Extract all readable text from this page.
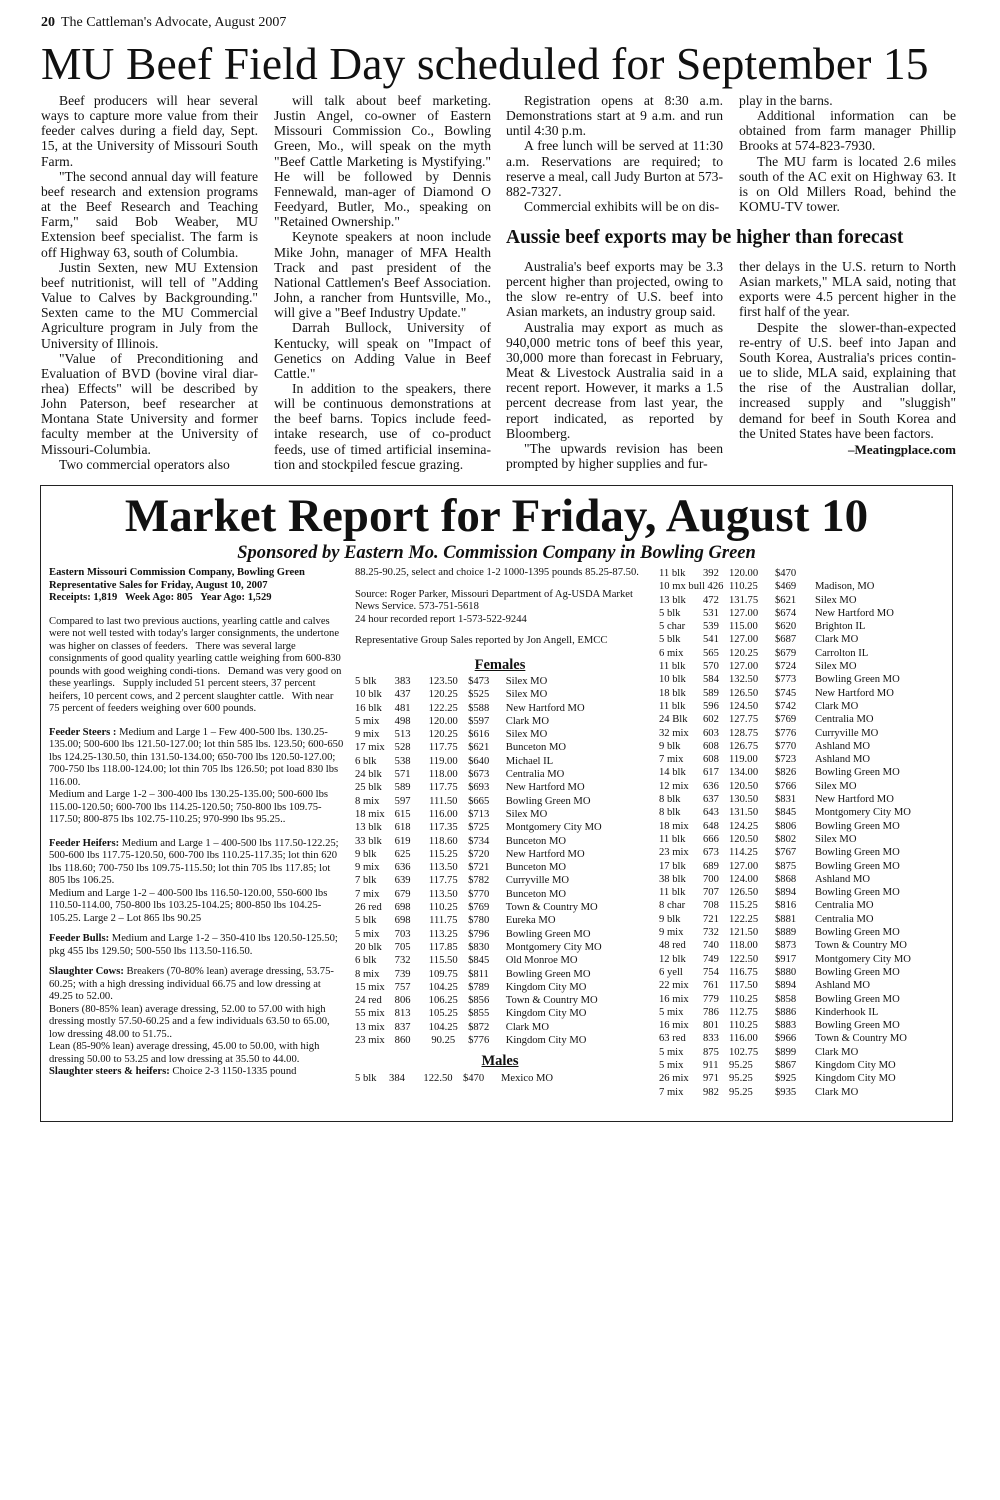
20 The Cattleman's Advocate, August 2007
MU Beef Field Day scheduled for September 15

Beef producers will hear several ways to capture more value from their feeder calves during a field day, Sept. 15, at the University of Missouri South Farm.

"The second annual day will feature beef research and extension programs at the Beef Research and Teaching Farm," said Bob Weaber, MU Extension beef specialist. The farm is off Highway 63, south of Columbia.

Justin Sexten, new MU Extension beef nutritionist, will tell of "Adding Value to Calves by Backgrounding." Sexten came to the MU Commercial Agriculture program in July from the University of Illinois.

"Value of Preconditioning and Evaluation of BVD (bovine viral diar-rhea) Effects" will be described by John Paterson, beef researcher at Montana State University and former faculty member at the University of Missouri-Columbia.

Two commercial operators also

will talk about beef marketing. Justin Angel, co-owner of Eastern Missouri Commission Co., Bowling Green, Mo., will speak on the myth "Beef Cattle Marketing is Mystifying." He will be followed by Dennis Fennewald, man-ager of Diamond O Feedyard, Butler, Mo., speaking on "Retained Ownership."

Keynote speakers at noon include Mike John, manager of MFA Health Track and past president of the National Cattlemen's Beef Association. John, a rancher from Huntsville, Mo., will give a "Beef Industry Update."

Darrah Bullock, University of Kentucky, will speak on "Impact of Genetics on Adding Value in Beef Cattle."

In addition to the speakers, there will be continuous demonstrations at the beef barns. Topics include feed-intake research, use of co-product feeds, use of timed artificial insemina-tion and stockpiled fescue grazing.

Registration opens at 8:30 a.m. Demonstrations start at 9 a.m. and run until 4:30 p.m.

A free lunch will be served at 11:30 a.m. Reservations are required; to reserve a meal, call Judy Burton at 573-882-7327.

Commercial exhibits will be on dis-

play in the barns.

Additional information can be obtained from farm manager Phillip Brooks at 574-823-7930.

The MU farm is located 2.6 miles south of the AC exit on Highway 63. It is on Old Millers Road, behind the KOMU-TV tower.

Aussie beef exports may be higher than forecast

Australia's beef exports may be 3.3 percent higher than projected, owing to the slow re-entry of U.S. beef into Asian markets, an industry group said.

Australia may export as much as 940,000 metric tons of beef this year, 30,000 more than forecast in February, Meat & Livestock Australia said in a recent report. However, it marks a 1.5 percent decrease from last year, the report indicated, as reported by Bloomberg.

"The upwards revision has been prompted by higher supplies and fur-

ther delays in the U.S. return to North Asian markets," MLA said, noting that exports were 4.5 percent higher in the first half of the year.

Despite the slower-than-expected re-entry of U.S. beef into Japan and South Korea, Australia's prices contin-ue to slide, MLA said, explaining that the rise of the Australian dollar, increased supply and "sluggish" demand for beef in South Korea and the United States have been factors.

–Meatingplace.com
Market Report for Friday, August 10
Sponsored by Eastern Mo. Commission Company in Bowling Green

Eastern Missouri Commission Company, Bowling Green

Representative Sales for Friday, August 10, 2007

Receipts: 1,819   Week Ago: 805   Year Ago: 1,529

Compared to last two previous auctions, yearling cattle and calves were not well tested with today's larger consignments, the undertone was higher on classes of feeders.   There was several large consignments of good quality yearling cattle weighing from 600-830 pounds with good weighing condi-tions.   Demand was very good on these yearlings.   Supply included 51 percent steers, 37 percent heifers, 10 percent cows, and 2 percent slaughter cattle.   With near 75 percent of feeders weighing over 600 pounds.

Feeder Steers : Medium and Large 1 – Few 400-500 lbs. 130.25-135.00; 500-600 lbs 121.50-127.00; lot thin 585 lbs. 123.50; 600-650 lbs 124.25-130.50, thin 131.50-134.00; 650-700 lbs 120.50-127.00; 700-750 lbs 118.00-124.00; lot thin 705 lbs 126.50; pot load 830 lbs 116.00.

Medium and Large 1-2 – 300-400 lbs 130.25-135.00; 500-600 lbs 115.00-120.50; 600-700 lbs 114.25-120.50; 750-800 lbs 109.75-117.50; 800-875 lbs 102.75-110.25; 970-990 lbs 95.25..

Feeder Heifers: Medium and Large 1 – 400-500 lbs 117.50-122.25; 500-600 lbs 117.75-120.50, 600-700 lbs 110.25-117.35; lot thin 620 lbs 118.60; 700-750 lbs 109.75-115.50; lot thin 705 lbs 117.85; lot 805 lbs 106.25.

Medium and Large 1-2 – 400-500 lbs 116.50-120.00, 550-600 lbs 110.50-114.00, 750-800 lbs 103.25-104.25; 800-850 lbs 104.25-105.25. Large 2 – Lot 865 lbs 90.25

Feeder Bulls: Medium and Large 1-2 – 350-410 lbs 120.50-125.50; pkg 455 lbs 129.50; 500-550 lbs 113.50-116.50.

Slaughter Cows: Breakers (70-80% lean) average dressing, 53.75-60.25; with a high dressing individual 66.75 and low dressing at 49.25 to 52.00.

Boners (80-85% lean) average dressing, 52.00 to 57.00 with high dressing mostly 57.50-60.25 and a few individuals 63.50 to 65.00, low dressing 48.00 to 51.75..

Lean (85-90% lean) average dressing, 45.00 to 50.00, with high dressing 50.00 to 53.25 and low dressing at 35.50 to 44.00.

Slaughter steers & heifers: Choice 2-3 1150-1335 pound

88.25-90.25, select and choice 1-2 1000-1395 pounds 85.25-87.50.

Source: Roger Parker, Missouri Department of Ag-USDA Market News Service. 573-751-5618

24 hour recorded report 1-573-522-9244

Representative Group Sales reported by Jon Angell, EMCC

Females
5 blk	383	123.50	$473	Silex MO
10 blk	437	120.25	$525	Silex MO
16 blk	481	122.25	$588	New Hartford MO
5 mix	498	120.00	$597	Clark MO
9 mix	513	120.25	$616	Silex MO
17 mix	528	117.75	$621	Bunceton MO
6 blk	538	119.00	$640	Michael IL
24 blk	571	118.00	$673	Centralia MO
25 blk	589	117.75	$693	New Hartford MO
8 mix	597	111.50	$665	Bowling Green MO
18 mix	615	116.00	$713	Silex MO
13 blk	618	117.35	$725	Montgomery City MO
33 blk	619	118.60	$734	Bunceton MO
9 blk	625	115.25	$720	New Hartford MO
9 mix	636	113.50	$721	Bunceton MO
7 blk	639	117.75	$782	Curryville MO
7 mix	679	113.50	$770	Bunceton MO
26 red	698	110.25	$769	Town & Country MO
5 blk	698	111.75	$780	Eureka MO
5 mix	703	113.25	$796	Bowling Green MO
20 blk	705	117.85	$830	Montgomery City MO
6 blk	732	115.50	$845	Old Monroe MO
8 mix	739	109.75	$811	Bowling Green MO
15 mix	757	104.25	$789	Kingdom City MO
24 red	806	106.25	$856	Town & Country MO
55 mix	813	105.25	$855	Kingdom City MO
13 mix	837	104.25	$872	Clark MO
23 mix	860	90.25	$776	Kingdom City MO
Males
5 blk	384	122.50	$470	Mexico MO
11 blk	392	120.00	$470	
10 mx bull 426		110.25	$469	Madison, MO
13 blk	472	131.75	$621	Silex MO
5 blk	531	127.00	$674	New Hartford MO
5 char	539	115.00	$620	Brighton IL
5 blk	541	127.00	$687	Clark MO
6 mix	565	120.25	$679	Carrolton IL
11 blk	570	127.00	$724	Silex MO
10 blk	584	132.50	$773	Bowling Green MO
18 blk	589	126.50	$745	New Hartford MO
11 blk	596	124.50	$742	Clark MO
24 Blk	602	127.75	$769	Centralia MO
32 mix	603	128.75	$776	Curryville MO
9 blk	608	126.75	$770	Ashland MO
7 mix	608	119.00	$723	Ashland MO
14 blk	617	134.00	$826	Bowling Green MO
12 mix	636	120.50	$766	Silex MO
8 blk	637	130.50	$831	New Hartford MO
8 blk	643	131.50	$845	Montgomery City MO
18 mix	648	124.25	$806	Bowling Green MO
11 blk	666	120.50	$802	Silex MO
23 mix	673	114.25	$767	Bowling Green MO
17 blk	689	127.00	$875	Bowling Green MO
38 blk	700	124.00	$868	Ashland MO
11 blk	707	126.50	$894	Bowling Green MO
8 char	708	115.25	$816	Centralia MO
9 blk	721	122.25	$881	Centralia MO
9 mix	732	121.50	$889	Bowling Green MO
48 red	740	118.00	$873	Town & Country MO
12 blk	749	122.50	$917	Montgomery City MO
6 yell	754	116.75	$880	Bowling Green MO
22 mix	761	117.50	$894	Ashland MO
16 mix	779	110.25	$858	Bowling Green MO
5 mix	786	112.75	$886	Kinderhook IL
16 mix	801	110.25	$883	Bowling Green MO
63 red	833	116.00	$966	Town & Country MO
5 mix	875	102.75	$899	Clark MO
5 mix	911	95.25	$867	Kingdom City MO
26 mix	971	95.25	$925	Kingdom City MO
7 mix	982	95.25	$935	Clark MO
